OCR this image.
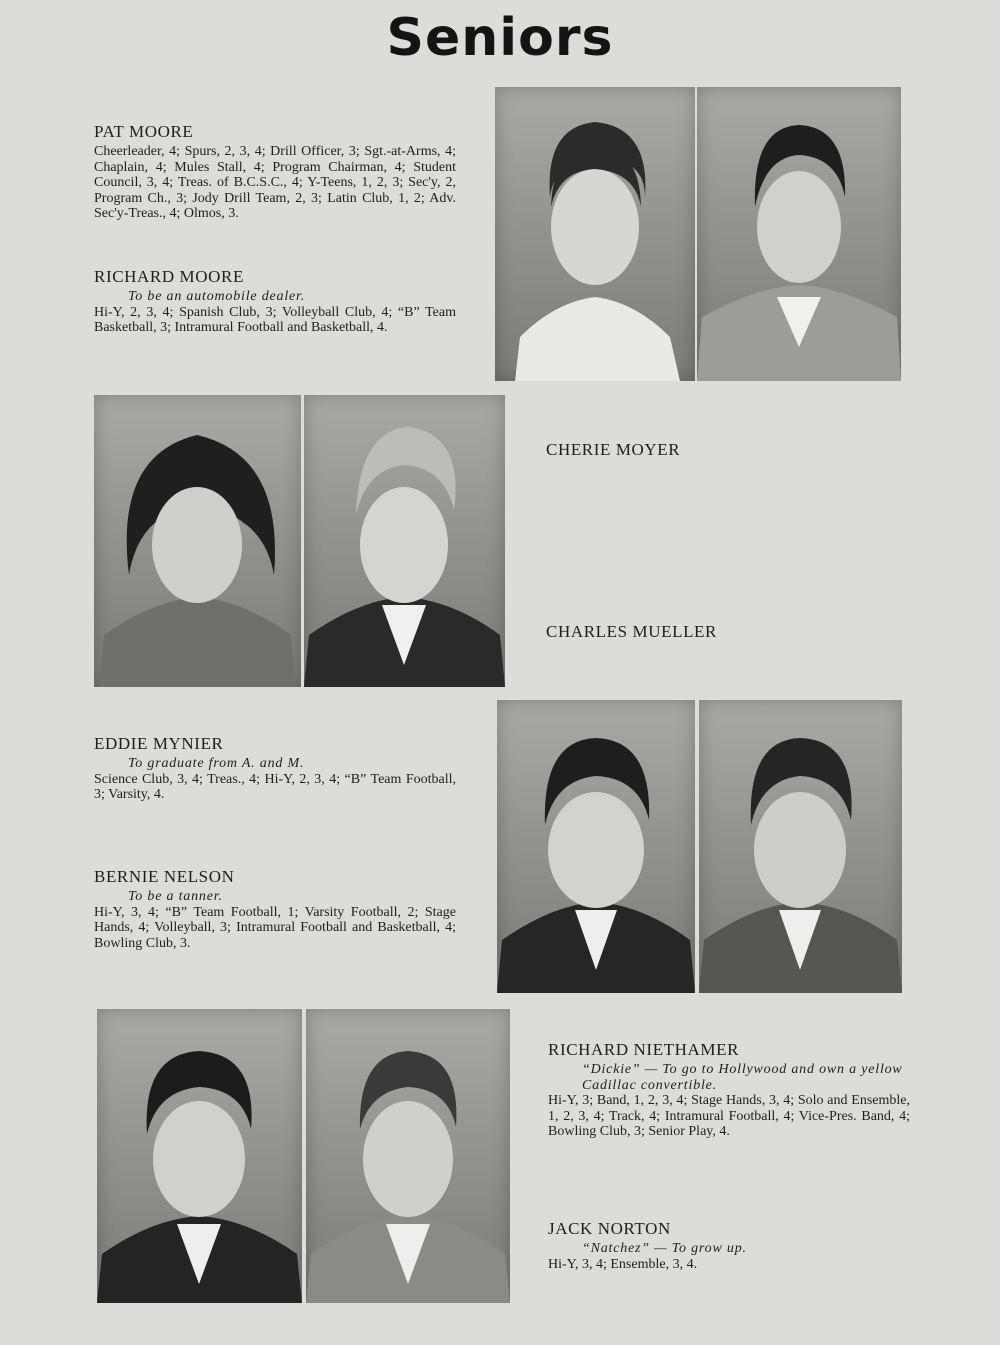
Seniors
PAT MOORE
Cheerleader, 4; Spurs, 2, 3, 4; Drill Officer, 3; Sgt.-at-Arms, 4; Chaplain, 4; Mules Stall, 4; Program Chairman, 4; Student Council, 3, 4; Treas. of B.C.S.C., 4; Y-Teens, 1, 2, 3; Sec'y, 2, Program Ch., 3; Jody Drill Team, 2, 3; Latin Club, 1, 2; Adv. Sec'y-Treas., 4; Olmos, 3.
RICHARD MOORE
To be an automobile dealer.
Hi-Y, 2, 3, 4; Spanish Club, 3; Volleyball Club, 4; “B” Team Basketball, 3; Intramural Football and Basketball, 4.
CHERIE MOYER
CHARLES MUELLER
EDDIE MYNIER
To graduate from A. and M.
Science Club, 3, 4; Treas., 4; Hi-Y, 2, 3, 4; “B” Team Football, 3; Varsity, 4.
BERNIE NELSON
To be a tanner.
Hi-Y, 3, 4; “B” Team Football, 1; Varsity Football, 2; Stage Hands, 4; Volleyball, 3; Intramural Football and Basketball, 4; Bowling Club, 3.
RICHARD NIETHAMER
“Dickie” — To go to Hollywood and own a yellow Cadillac convertible.
Hi-Y, 3; Band, 1, 2, 3, 4; Stage Hands, 3, 4; Solo and Ensemble, 1, 2, 3, 4; Track, 4; Intramural Football, 4; Vice-Pres. Band, 4; Bowling Club, 3; Senior Play, 4.
JACK NORTON
“Natchez” — To grow up.
Hi-Y, 3, 4; Ensemble, 3, 4.
